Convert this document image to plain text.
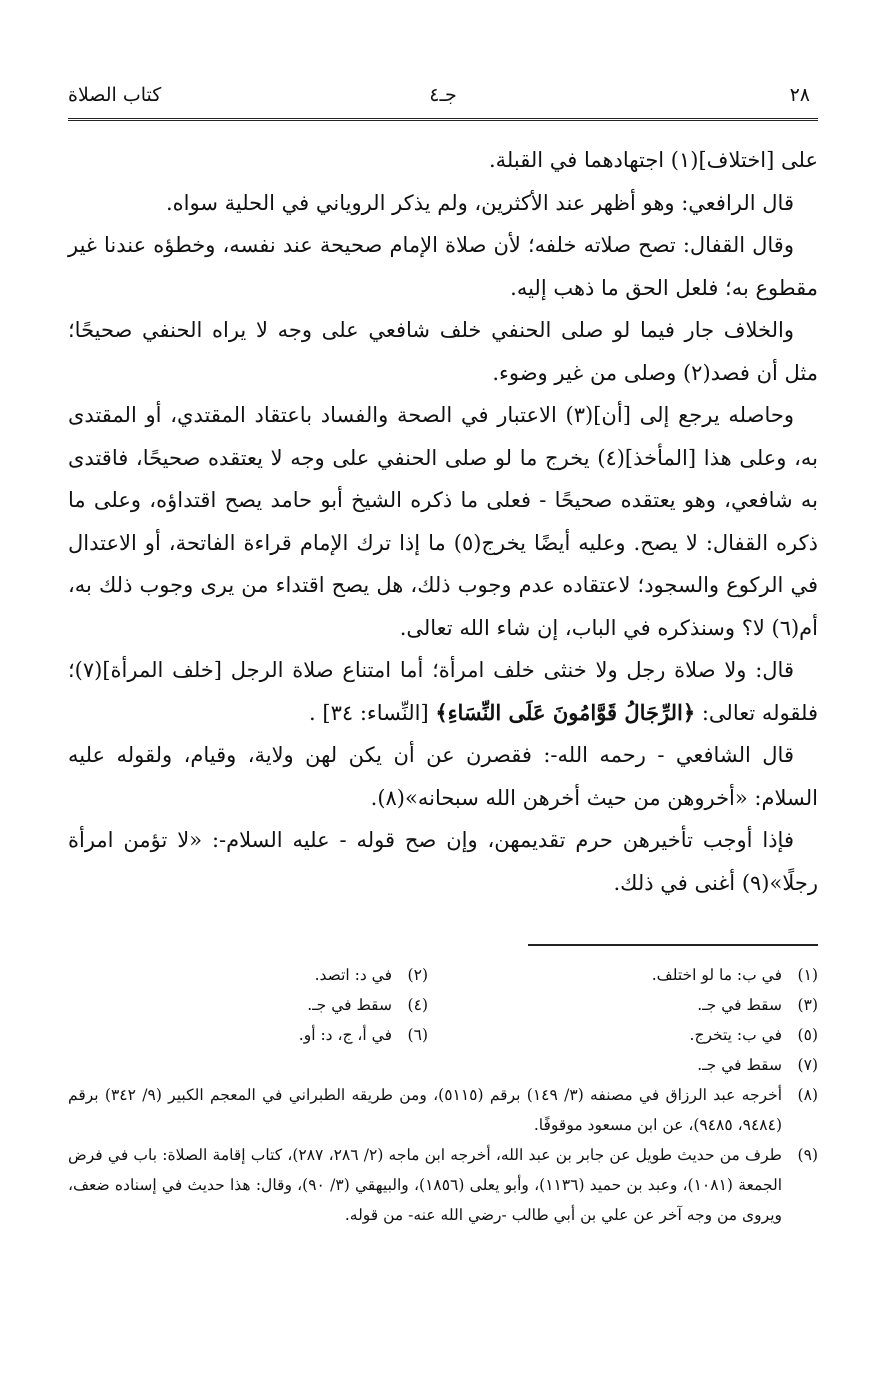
٢٨
جـ٤
كتاب الصلاة

على [اختلاف](١) اجتهادهما في القبلة.

قال الرافعي: وهو أظهر عند الأكثرين، ولم يذكر الروياني في الحلية سواه.

وقال القفال: تصح صلاته خلفه؛ لأن صلاة الإمام صحيحة عند نفسه، وخطؤه عندنا غير مقطوع به؛ فلعل الحق ما ذهب إليه.

والخلاف جار فيما لو صلى الحنفي خلف شافعي على وجه لا يراه الحنفي صحيحًا؛ مثل أن فصد(٢) وصلى من غير وضوء.

وحاصله يرجع إلى [أن](٣) الاعتبار في الصحة والفساد باعتقاد المقتدي، أو المقتدى به، وعلى هذا [المأخذ](٤) يخرج ما لو صلى الحنفي على وجه لا يعتقده صحيحًا، فاقتدى به شافعي، وهو يعتقده صحيحًا - فعلى ما ذكره الشيخ أبو حامد يصح اقتداؤه، وعلى ما ذكره القفال: لا يصح. وعليه أيضًا يخرج(٥) ما إذا ترك الإمام قراءة الفاتحة، أو الاعتدال في الركوع والسجود؛ لاعتقاده عدم وجوب ذلك، هل يصح اقتداء من يرى وجوب ذلك به، أم(٦) لا؟ وسنذكره في الباب، إن شاء الله تعالى.

قال: ولا صلاة رجل ولا خنثى خلف امرأة؛ أما امتناع صلاة الرجل [خلف المرأة](٧)؛ فلقوله تعالى: ﴿الرِّجَالُ قَوَّامُونَ عَلَى النِّسَاءِ﴾ [النِّساء: ٣٤] .

قال الشافعي - رحمه الله-: فقصرن عن أن يكن لهن ولاية، وقيام، ولقوله عليه السلام: «أخروهن من حيث أخرهن الله سبحانه»(٨).

فإذا أوجب تأخيرهن حرم تقديمهن، وإن صح قوله - عليه السلام-: «لا تؤمن امرأة رجلًا»(٩) أغنى في ذلك.

(١)
في ب: ما لو اختلف.
(٢)
في د: اتصد.
(٣)
سقط في جـ.
(٤)
سقط في جـ.
(٥)
في ب: يتخرج.
(٦)
في أ، ج، د: أو.
(٧)
سقط في جـ.
(٨)
أخرجه عبد الرزاق في مصنفه (٣/ ١٤٩) برقم (٥١١٥)، ومن طريقه الطبراني في المعجم الكبير (٩/ ٣٤٢) برقم (٩٤٨٤، ٩٤٨٥)، عن ابن مسعود موقوفًا.
(٩)
طرف من حديث طويل عن جابر بن عبد الله، أخرجه ابن ماجه (٢/ ٢٨٦، ٢٨٧)، كتاب إقامة الصلاة: باب في فرض الجمعة (١٠٨١)، وعبد بن حميد (١١٣٦)، وأبو يعلى (١٨٥٦)، والبيهقي (٣/ ٩٠)، وقال: هذا حديث في إسناده ضعف، ويروى من وجه آخر عن علي بن أبي طالب -رضي الله عنه- من قوله.
